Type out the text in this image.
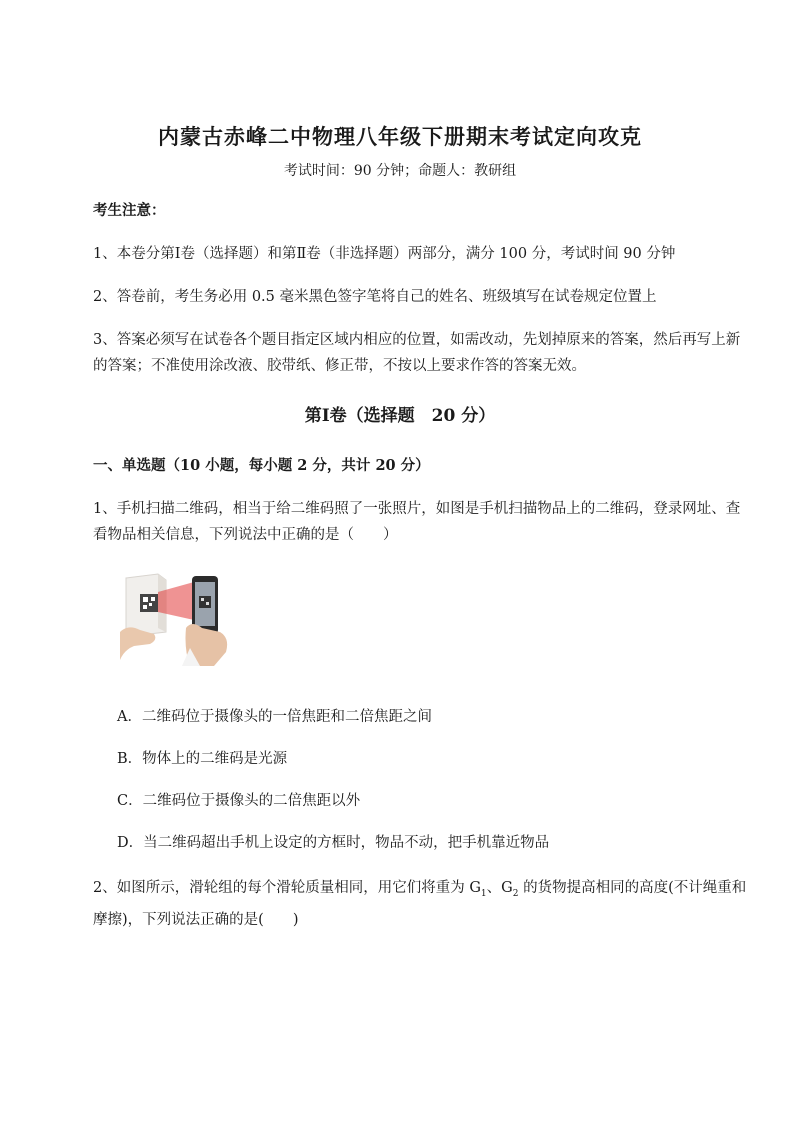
内蒙古赤峰二中物理八年级下册期末考试定向攻克
考试时间：90 分钟；命题人：教研组
考生注意：
1、本卷分第Ⅰ卷（选择题）和第Ⅱ卷（非选择题）两部分，满分 100 分，考试时间 90 分钟
2、答卷前，考生务必用 0.5 毫米黑色签字笔将自己的姓名、班级填写在试卷规定位置上
3、答案必须写在试卷各个题目指定区域内相应的位置，如需改动，先划掉原来的答案，然后再写上新的答案；不准使用涂改液、胶带纸、修正带，不按以上要求作答的答案无效。
第Ⅰ卷（选择题　20 分）
一、单选题（10 小题，每小题 2 分，共计 20 分）
1、手机扫描二维码，相当于给二维码照了一张照片，如图是手机扫描物品上的二维码，登录网址、查看物品相关信息，下列说法中正确的是（　　）
A．二维码位于摄像头的一倍焦距和二倍焦距之间
B．物体上的二维码是光源
C．二维码位于摄像头的二倍焦距以外
D．当二维码超出手机上设定的方框时，物品不动，把手机靠近物品
2、如图所示，滑轮组的每个滑轮质量相同，用它们将重为 $G_1$、$G_2$ 的货物提高相同的高度(不计绳重和摩擦)，下列说法正确的是(　　)
